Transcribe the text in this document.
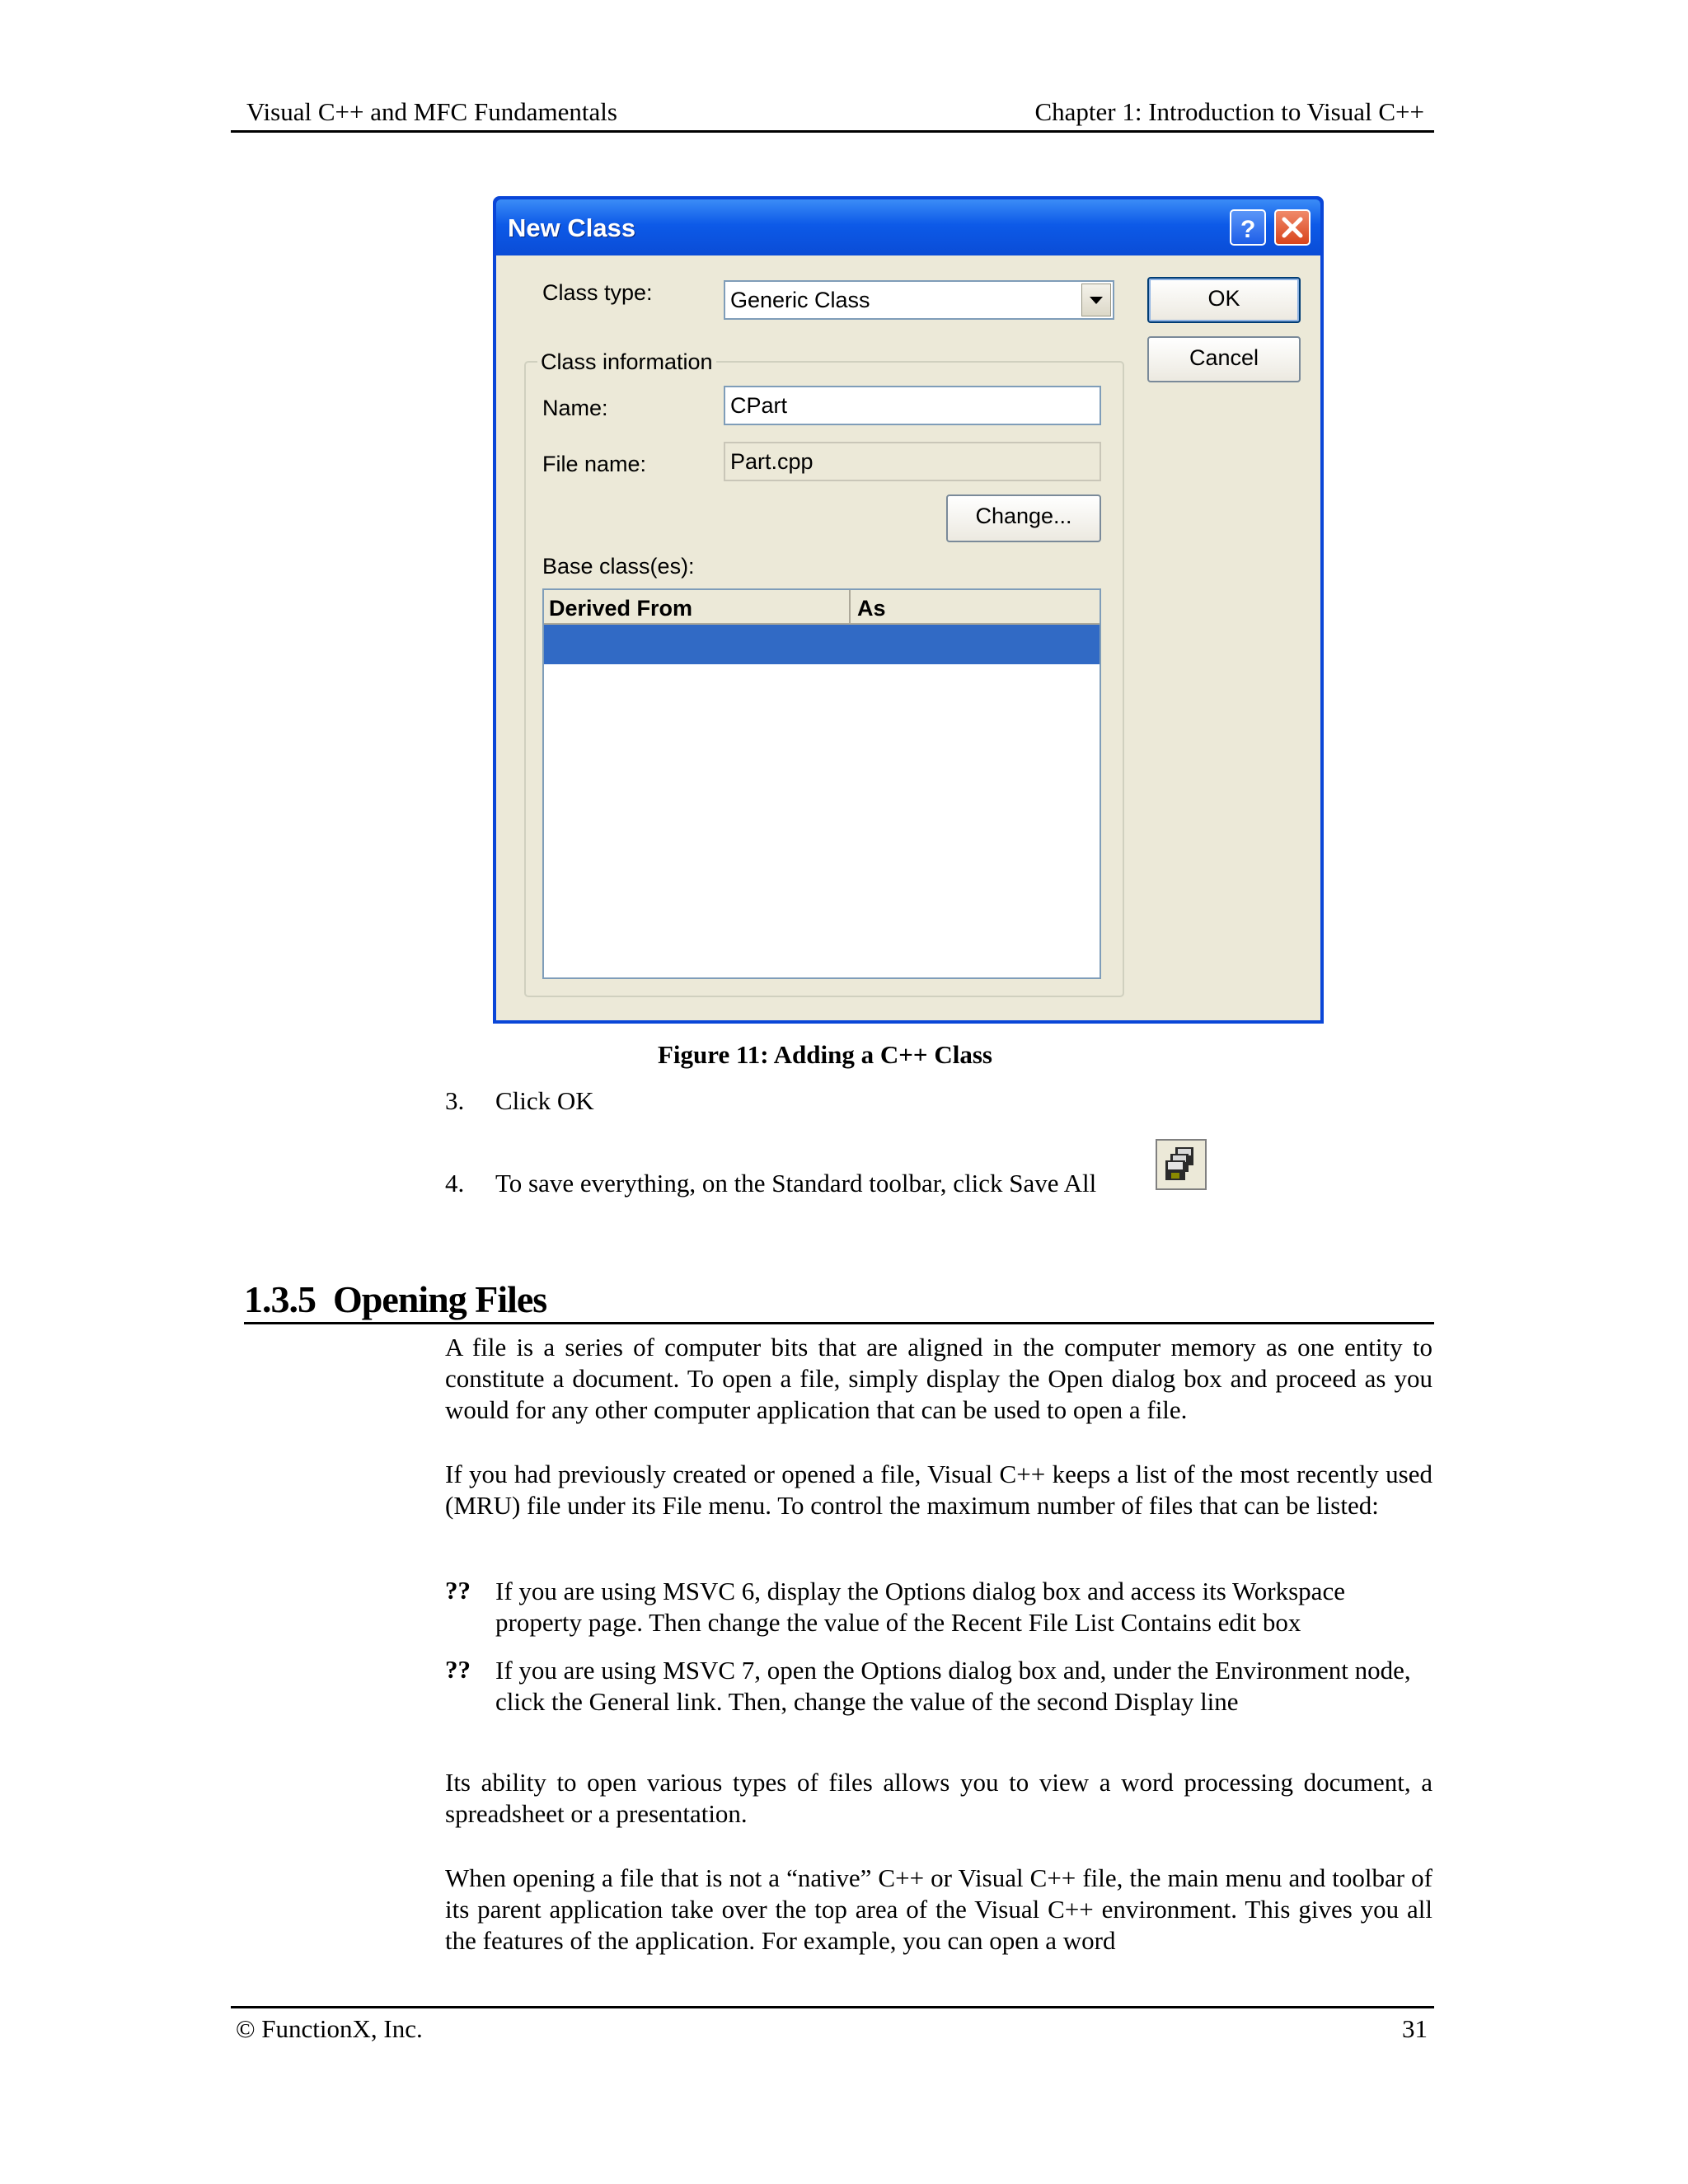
Visual C++ and MFC Fundamentals	Chapter 1: Introduction to Visual C++
New Class	?
Class type:	Generic Class	OK
Cancel
Class information
Name:	CPart
File name:	Part.cpp
Change...
Base class(es):
Derived From	As
Figure 11: Adding a C++ Class
3. Click OK
4. To save everything, on the Standard toolbar, click Save All
1.3.5 Opening Files
A file is a series of computer bits that are aligned in the computer memory as one entity to constitute a document. To open a file, simply display the Open dialog box and proceed as you would for any other computer application that can be used to open a file.
If you had previously created or opened a file, Visual C++ keeps a list of the most recently used (MRU) file under its File menu. To control the maximum number of files that can be listed:
?? If you are using MSVC 6, display the Options dialog box and access its Workspace property page. Then change the value of the Recent File List Contains edit box
?? If you are using MSVC 7, open the Options dialog box and, under the Environment node, click the General link. Then, change the value of the second Display line
Its ability to open various types of files allows you to view a word processing document, a spreadsheet or a presentation.
When opening a file that is not a “native” C++ or Visual C++ file, the main menu and toolbar of its parent application take over the top area of the Visual C++ environment. This gives you all the features of the application. For example, you can open a word
© FunctionX, Inc.	31
